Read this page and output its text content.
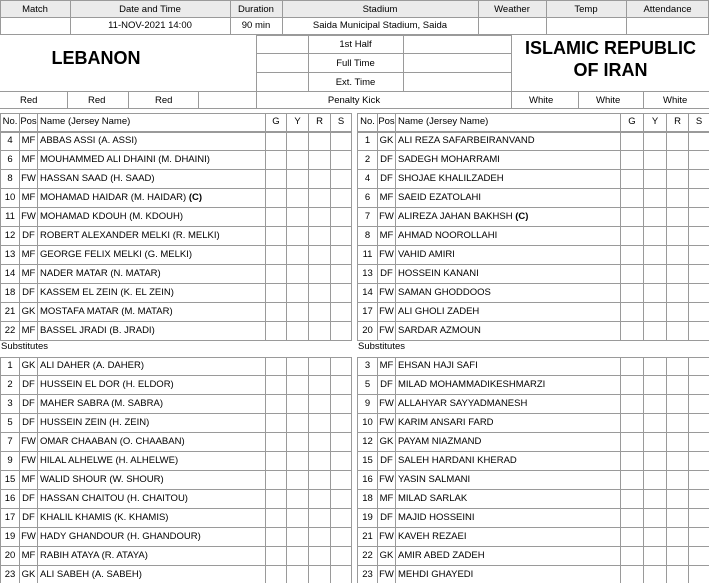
Match	Date and Time	Duration	Stadium	Weather	Temp	Attendance
11-NOV-2021 14:00	90 min	Saida Municipal Stadium, Saida
LEBANON	ISLAMIC REPUBLIC
OF IRAN
1st Half
Full Time
Ext. Time
Penalty Kick
Red	Red	Red	White	White	White
No. Pos Name (Jersey Name)	G	Y	R	S	No. Pos Name (Jersey Name)	G	Y	R	S
Substitutes	Substitutes
4 MF ABBAS ASSI (A. ASSI)
6 MF MOUHAMMED ALI DHAINI (M. DHAINI)
8 FW HASSAN SAAD (H. SAAD)
10 MF MOHAMAD HAIDAR (M. HAIDAR) (C)
11 FW MOHAMAD KDOUH (M. KDOUH)
12 DF ROBERT ALEXANDER MELKI (R. MELKI)
13 MF GEORGE FELIX MELKI (G. MELKI)
14 MF NADER MATAR (N. MATAR)
18 DF KASSEM EL ZEIN (K. EL ZEIN)
21 GK MOSTAFA MATAR (M. MATAR)
22 MF BASSEL JRADI (B. JRADI)
1 GK ALI DAHER (A. DAHER)
2	DF HUSSEIN EL DOR (H. ELDOR)
3	DF MAHER SABRA (M. SABRA)
5	DF HUSSEIN ZEIN (H. ZEIN)
7 FW OMAR CHAABAN (O. CHAABAN)
9 FW HILAL ALHELWE (H. ALHELWE)
15 MF WALID SHOUR (W. SHOUR)
16 DF HASSAN CHAITOU (H. CHAITOU)
17 DF KHALIL KHAMIS (K. KHAMIS)
19 FW HADY GHANDOUR (H. GHANDOUR)
20 MF RABIH ATAYA (R. ATAYA)
23 GK ALI SABEH (A. SABEH)
1 GK ALI REZA SAFARBEIRANVAND
2	DF SADEGH MOHARRAMI
4	DF SHOJAE KHALILZADEH
6	MF SAEID EZATOLAHI
7 FW ALIREZA JAHAN BAKHSH (C)
8	MF AHMAD NOOROLLAHI
11 FW VAHID AMIRI
13 DF HOSSEIN KANANI
14 FW SAMAN GHODDOOS
17 FW ALI GHOLI ZADEH
20 FW SARDAR AZMOUN
3	MF EHSAN HAJI SAFI
5	DF MILAD MOHAMMADIKESHMARZI
9 FW ALLAHYAR SAYYADMANESH
10 FW KARIM ANSARI FARD
12 GK PAYAM NIAZMAND
15 DF SALEH HARDANI KHERAD
16 FW YASIN SALMANI
18 MF MILAD SARLAK
19 DF MAJID HOSSEINI
21 FW KAVEH REZAEI
22 GK AMIR ABED ZADEH
23 FW MEHDI GHAYEDI
